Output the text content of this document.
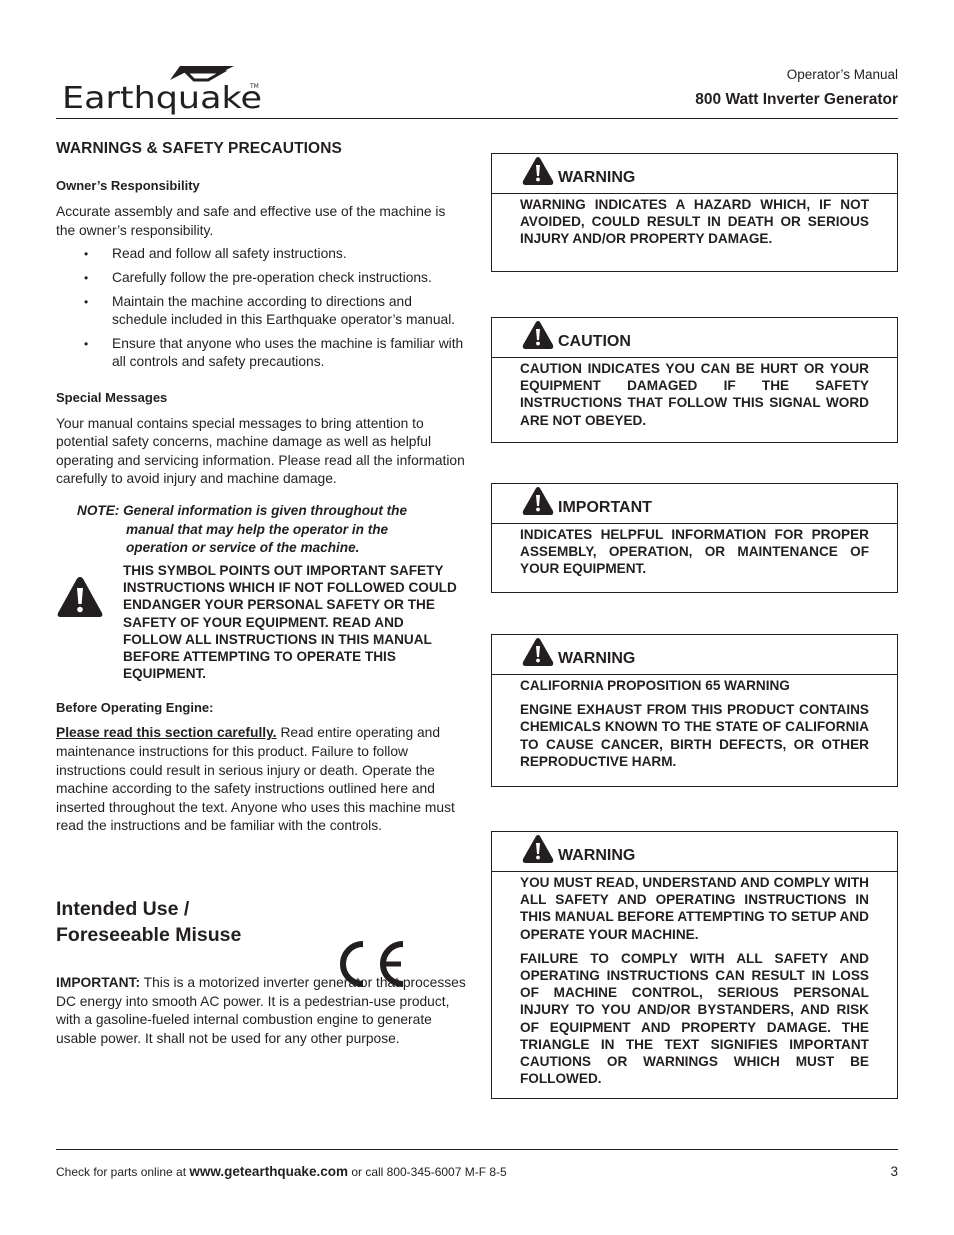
TM
Earthquake
Operator’s Manual
800 Watt Inverter Generator
WARNINGS & SAFETY PRECAUTIONS
Owner’s Responsibility

Accurate assembly and safe and effective use of the machine is the owner’s responsibility.

• Read and follow all safety instructions.
• Carefully follow the pre-operation check instructions.
• Maintain the machine according to directions and schedule included in this Earthquake operator’s manual.
• Ensure that anyone who uses the machine is familiar with all controls and safety precautions.
Special Messages

Your manual contains special messages to bring attention to potential safety concerns, machine damage as well as helpful operating and servicing information. Please read all the information carefully to avoid injury and machine damage.

NOTE: General information is given throughout the
manual that may help the operator in the
operation or service of the machine.
THIS SYMBOL POINTS OUT IMPORTANT SAFETY INSTRUCTIONS WHICH IF NOT FOLLOWED COULD ENDANGER YOUR PERSONAL SAFETY OR THE SAFETY OF YOUR EQUIPMENT. READ AND FOLLOW ALL INSTRUCTIONS IN THIS MANUAL BEFORE ATTEMPTING TO OPERATE THIS EQUIPMENT.
Before Operating Engine:

Please read this section carefully. Read entire operating and maintenance instructions for this product. Failure to follow instructions could result in serious injury or death. Operate the machine according to the safety instructions outlined here and inserted throughout the text. Anyone who uses this machine must read the instructions and be familiar with the controls.

Intended Use /
Foreseeable Misuse

IMPORTANT: This is a motorized inverter generator that processes DC energy into smooth AC power. It is a pedestrian-use product, with a gasoline-fueled internal combustion engine to generate usable power. It shall not be used for any other purpose.

WARNING

WARNING INDICATES A HAZARD WHICH, IF NOT AVOIDED, COULD RESULT IN DEATH OR SERIOUS INJURY AND/OR PROPERTY DAMAGE.

CAUTION

CAUTION INDICATES YOU CAN BE HURT OR YOUR EQUIPMENT DAMAGED IF THE SAFETY INSTRUCTIONS THAT FOLLOW THIS SIGNAL WORD ARE NOT OBEYED.

IMPORTANT

INDICATES HELPFUL INFORMATION FOR PROPER ASSEMBLY, OPERATION, OR MAINTENANCE OF YOUR EQUIPMENT.

WARNING

CALIFORNIA PROPOSITION 65 WARNING

ENGINE EXHAUST FROM THIS PRODUCT CONTAINS CHEMICALS KNOWN TO THE STATE OF CALIFORNIA TO CAUSE CANCER, BIRTH DEFECTS, OR OTHER REPRODUCTIVE HARM.

WARNING

YOU MUST READ, UNDERSTAND AND COMPLY WITH ALL SAFETY AND OPERATING INSTRUCTIONS IN THIS MANUAL BEFORE ATTEMPTING TO SETUP AND OPERATE YOUR MACHINE.

FAILURE TO COMPLY WITH ALL SAFETY AND OPERATING INSTRUCTIONS CAN RESULT IN LOSS OF MACHINE CONTROL, SERIOUS PERSONAL INJURY TO YOU AND/OR BYSTANDERS, AND RISK OF EQUIPMENT AND PROPERTY DAMAGE. THE TRIANGLE IN THE TEXT SIGNIFIES IMPORTANT CAUTIONS OR WARNINGS WHICH MUST BE FOLLOWED.

Check for parts online at www.getearthquake.com or call 800-345-6007 M-F 8-5	3
